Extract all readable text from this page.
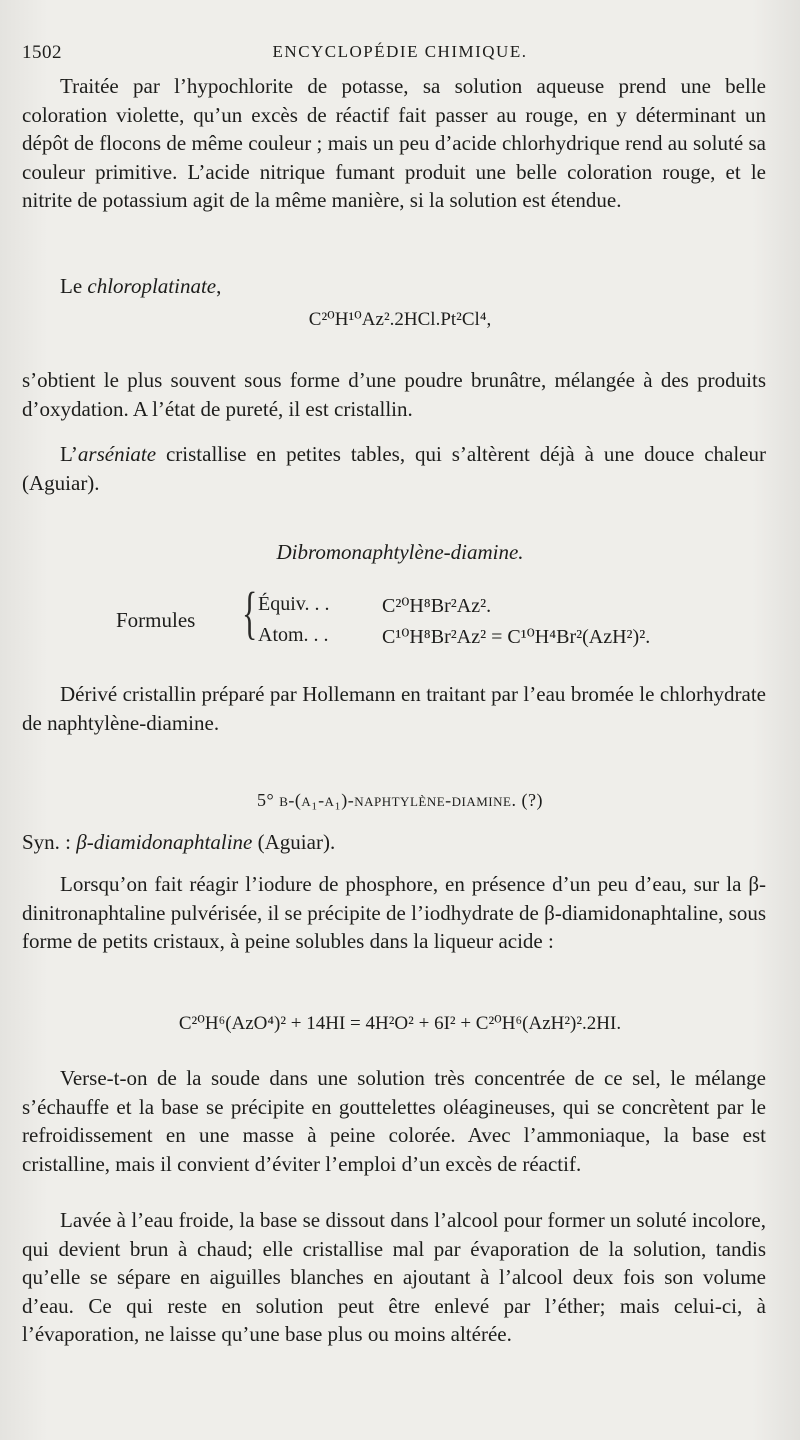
1502	ENCYCLOPÉDIE CHIMIQUE.
Traitée par l’hypochlorite de potasse, sa solution aqueuse prend une belle coloration violette, qu’un excès de réactif fait passer au rouge, en y déterminant un dépôt de flocons de même couleur ; mais un peu d’acide chlorhydrique rend au soluté sa couleur primitive. L’acide nitrique fumant produit une belle coloration rouge, et le nitrite de potassium agit de la même manière, si la solution est étendue.
Le chloroplatinate,
C²⁰H¹⁰Az².2HCl.Pt²Cl⁴,
s’obtient le plus souvent sous forme d’une poudre brunâtre, mélangée à des produits d’oxydation. A l’état de pureté, il est cristallin.
L’arséniate cristallise en petites tables, qui s’altèrent déjà à une douce chaleur (Aguiar).
Dibromonaphtylène-diamine.
Formules { Équiv. . .	C²⁰H⁸Br²Az².
Atom. . .	C¹⁰H⁸Br²Az² = C¹⁰H⁴Br²(AzH²)².
Dérivé cristallin préparé par Hollemann en traitant par l’eau bromée le chlorhydrate de naphtylène-diamine.
5° β-(α₁-α₁)-naphtylène-diamine. (?)
Syn. : β-diamidonaphtaline (Aguiar).
Lorsqu’on fait réagir l’iodure de phosphore, en présence d’un peu d’eau, sur la β-dinitronaphtaline pulvérisée, il se précipite de l’iodhydrate de β-diamidonaphtaline, sous forme de petits cristaux, à peine solubles dans la liqueur acide :
C²⁰H⁶(AzO⁴)² + 14HI = 4H²O² + 6I² + C²⁰H⁶(AzH²)².2HI.
Verse-t-on de la soude dans une solution très concentrée de ce sel, le mélange s’échauffe et la base se précipite en gouttelettes oléagineuses, qui se concrètent par le refroidissement en une masse à peine colorée. Avec l’ammoniaque, la base est cristalline, mais il convient d’éviter l’emploi d’un excès de réactif.
Lavée à l’eau froide, la base se dissout dans l’alcool pour former un soluté incolore, qui devient brun à chaud; elle cristallise mal par évaporation de la solution, tandis qu’elle se sépare en aiguilles blanches en ajoutant à l’alcool deux fois son volume d’eau. Ce qui reste en solution peut être enlevé par l’éther; mais celui-ci, à l’évaporation, ne laisse qu’une base plus ou moins altérée.
